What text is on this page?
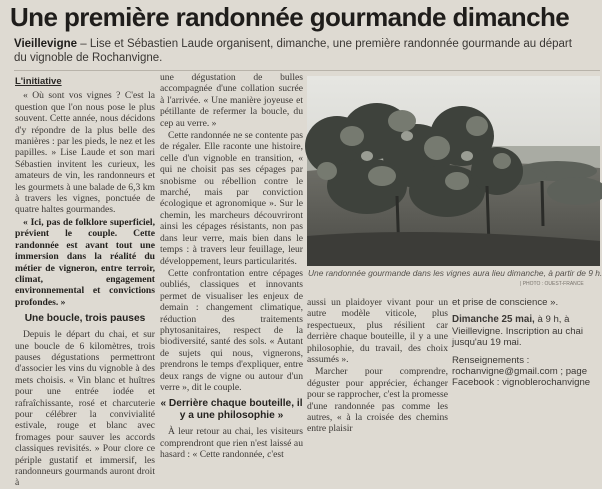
Une première randonnée gourmande dimanche
Vieillevigne – Lise et Sébastien Laude organisent, dimanche, une première randonnée gourmande au départ du vignoble de Rochanvigne.
L'initiative

« Où sont vos vignes ? C'est la question que l'on nous pose le plus souvent. Cette année, nous décidons d'y répondre de la plus belle des manières : par les pieds, le nez et les papilles. » Lise Laude et son mari Sébastien invitent les curieux, les amateurs de vin, les randonneurs et les gourmets à une balade de 6,3 km à travers les vignes, ponctuée de quatre haltes gourmandes.

« Ici, pas de folklore superficiel, prévient le couple. Cette randonnée est avant tout une immersion dans la réalité du métier de vigneron, entre terroir, climat, engagement environnemental et convictions profondes. »

Une boucle, trois pauses

Depuis le départ du chai, et sur une boucle de 6 kilomètres, trois pauses dégustations permettront d'associer les vins du vignoble à des mets choisis. « Vin blanc et huîtres pour une entrée iodée et rafraîchissante, rosé et charcuterie pour célébrer la convivialité estivale, rouge et blanc avec fromages pour sauver les accords classiques revisités. » Pour clore ce périple gustatif et immersif, les randonneurs gourmands auront droit à

une dégustation de bulles accompagnée d'une collation sucrée à l'arrivée. « Une manière joyeuse et pétillante de refermer la boucle, du cep au verre. »

Cette randonnée ne se contente pas de régaler. Elle raconte une histoire, celle d'un vignoble en transition, « qui ne choisit pas ses cépages par snobisme ou rébellion contre le marché, mais par conviction écologique et agronomique ». Sur le chemin, les marcheurs découvriront ainsi les cépages résistants, non pas dans leur verre, mais bien dans le temps : à travers leur feuillage, leur développement, leurs particularités.

Cette confrontation entre cépages oubliés, classiques et innovants permet de visualiser les enjeux de demain : changement climatique, réduction des traitements phytosanitaires, respect de la biodiversité, santé des sols. « Autant de sujets qui nous, vignerons, prendrons le temps d'expliquer, entre deux rangs de vigne ou autour d'un verre », dit le couple.

« Derrière chaque bouteille, il y a une philosophie »

À leur retour au chai, les visiteurs comprendront que rien n'est laissé au hasard : « Cette randonnée, c'est

Une randonnée gourmande dans les vignes aura lieu dimanche, à partir de 9 h.
| PHOTO : OUEST-FRANCE

aussi un plaidoyer vivant pour un autre modèle viticole, plus respectueux, plus résilient car derrière chaque bouteille, il y a une philosophie, du travail, des choix assumés ».

Marcher pour comprendre, déguster pour apprécier, échanger pour se rapprocher, c'est la promesse d'une randonnée pas comme les autres, « à la croisée des chemins entre plaisir

et prise de conscience ».

Dimanche 25 mai, à 9 h, à Vieillevigne. Inscription au chai jusqu'au 19 mai.

Renseignements : rochanvigne@gmail.com ; page Facebook : vignoblerochanvigne
